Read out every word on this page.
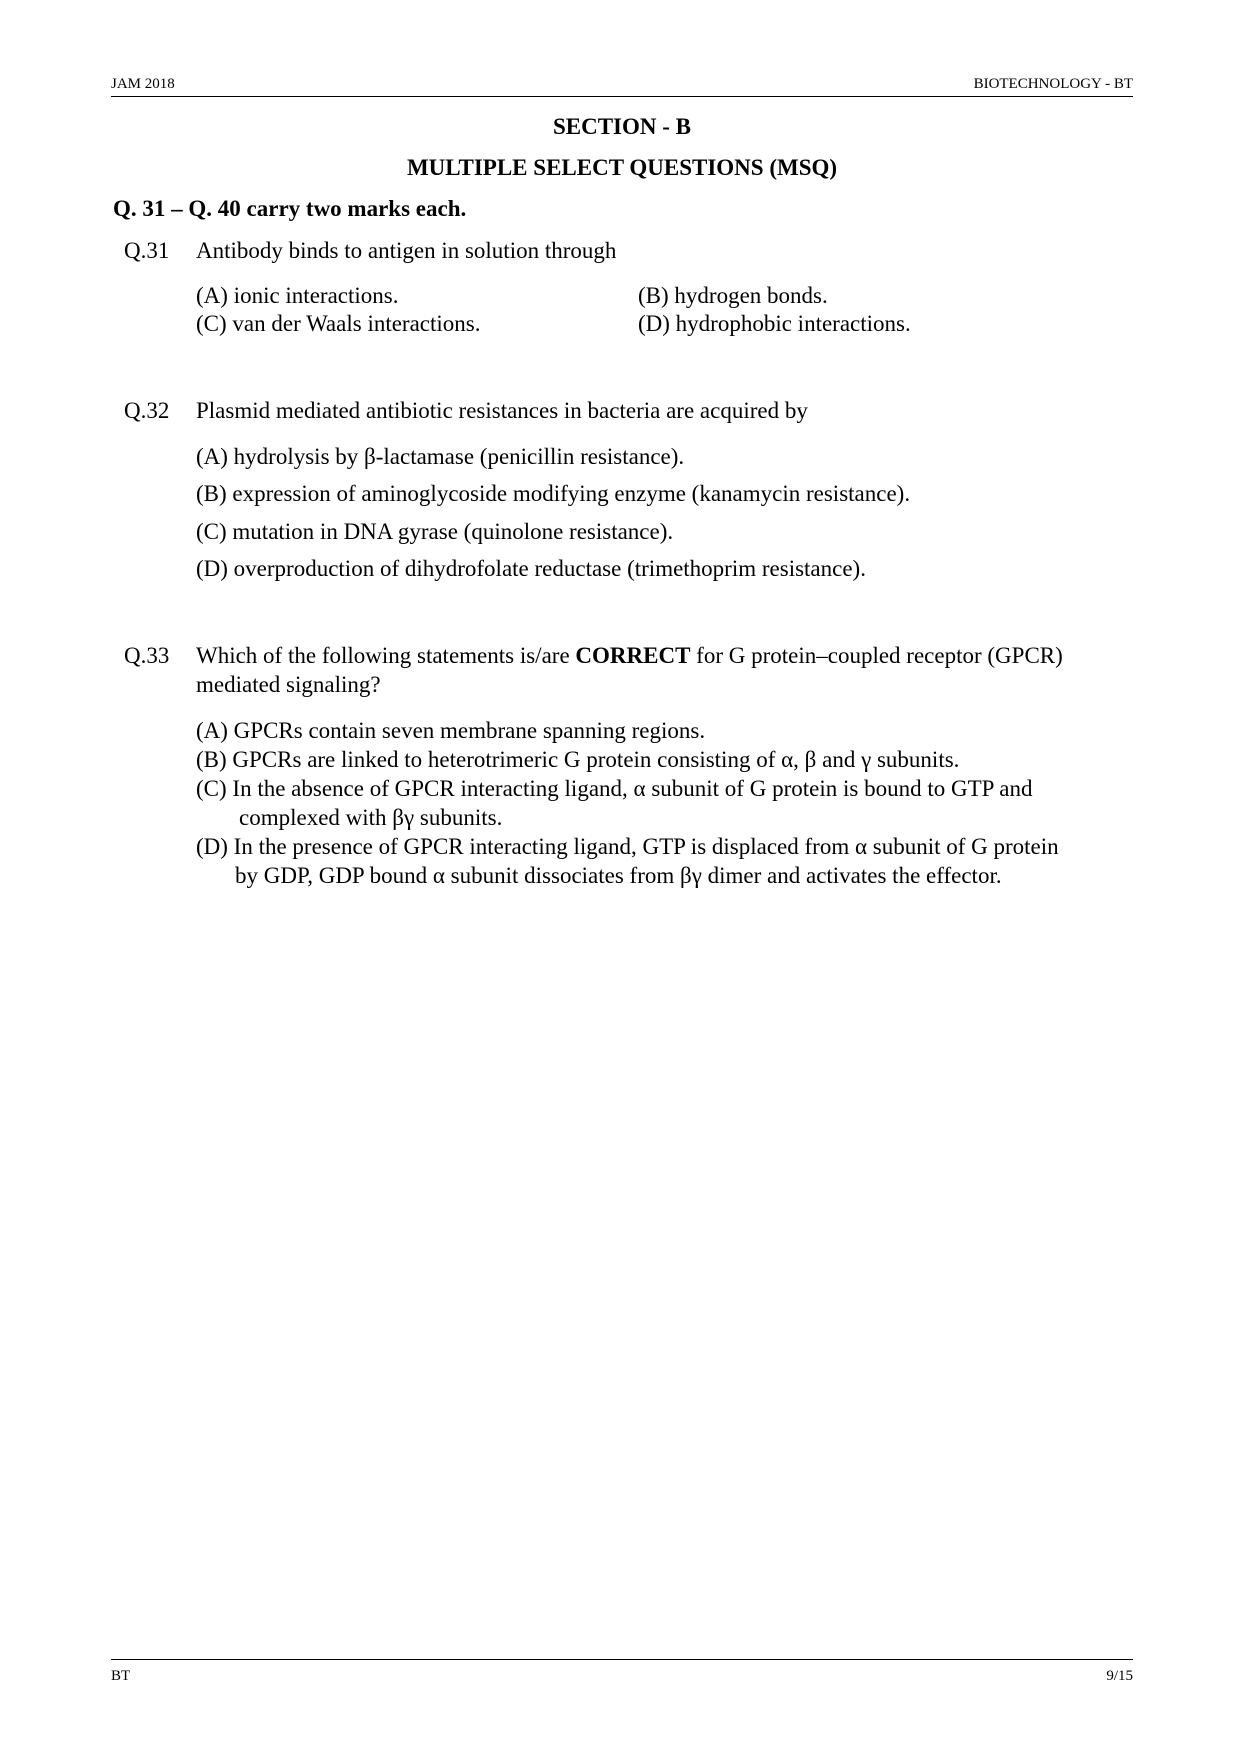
JAM 2018	BIOTECHNOLOGY - BT
SECTION - B
MULTIPLE SELECT QUESTIONS (MSQ)
Q. 31 – Q. 40 carry two marks each.
Q.31 Antibody binds to antigen in solution through
(A) ionic interactions.	(B) hydrogen bonds.
(C) van der Waals interactions.	(D) hydrophobic interactions.
Q.32 Plasmid mediated antibiotic resistances in bacteria are acquired by
(A) hydrolysis by β-lactamase (penicillin resistance).
(B) expression of aminoglycoside modifying enzyme (kanamycin resistance).
(C) mutation in DNA gyrase (quinolone resistance).
(D) overproduction of dihydrofolate reductase (trimethoprim resistance).
Q.33 Which of the following statements is/are CORRECT for G protein–coupled receptor (GPCR) mediated signaling?
(A) GPCRs contain seven membrane spanning regions.
(B) GPCRs are linked to heterotrimeric G protein consisting of α, β and γ subunits.
(C) In the absence of GPCR interacting ligand, α subunit of G protein is bound to GTP and
complexed with βγ subunits.
(D) In the presence of GPCR interacting ligand, GTP is displaced from α subunit of G protein
by GDP, GDP bound α subunit dissociates from βγ dimer and activates the effector.
BT	9/15
